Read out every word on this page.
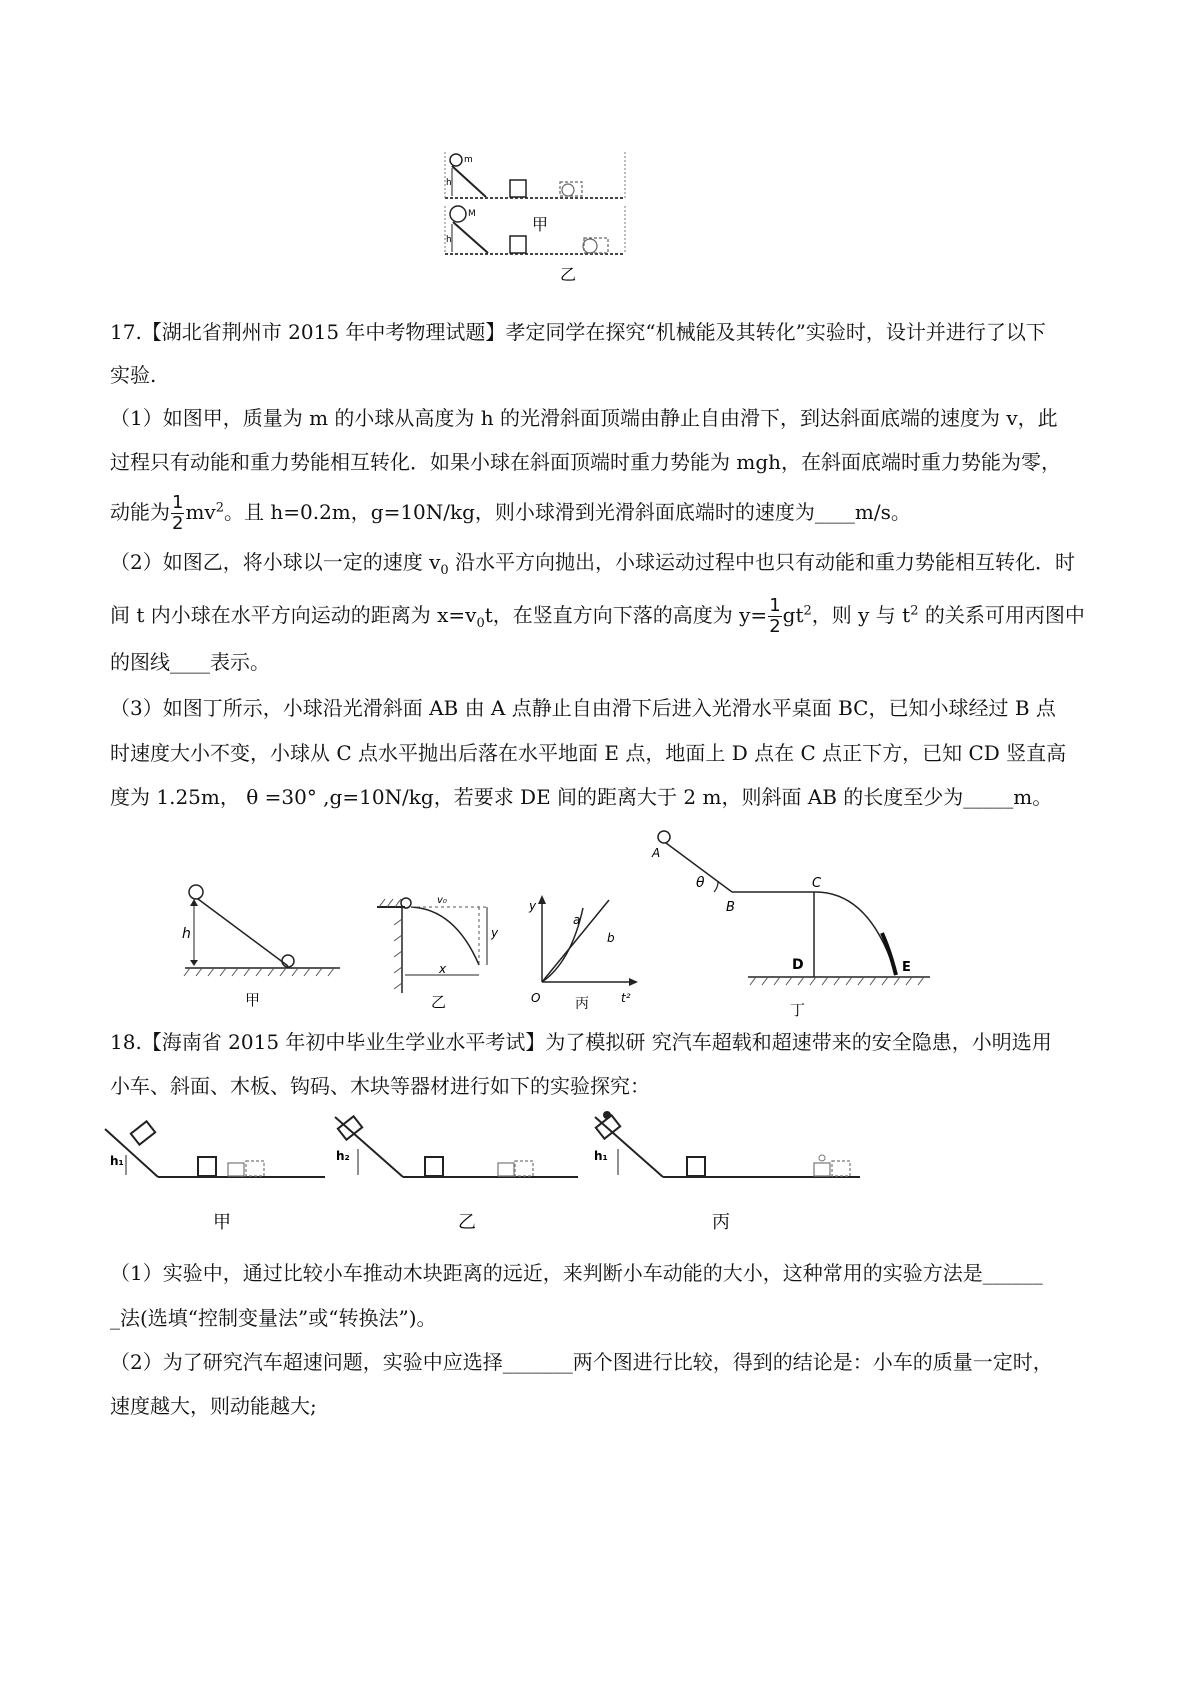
m
h
甲
M
h
乙
17.【湖北省荆州市 2015 年中考物理试题】孝定同学在探究“机械能及其转化”实验时，设计并进行了以下
实验.
（1）如图甲，质量为 m 的小球从高度为 h 的光滑斜面顶端由静止自由滑下，到达斜面底端的速度为 v，此
过程只有动能和重力势能相互转化．如果小球在斜面顶端时重力势能为 mgh，在斜面底端时重力势能为零，
动能为 $\frac{1}{2} mv^2$。且 h=0.2m，g=10N/kg，则小球滑到光滑斜面底端时的速度为____m/s。
（2）如图乙，将小球以一定的速度 $v_0$ 沿水平方向抛出，小球运动过程中也只有动能和重力势能相互转化．时
间 t 内小球在水平方向运动的距离为 $x=v_0t$，在竖直方向下落的高度为 $y= \frac{1}{2} gt^2$，则 y 与 $t^2$ 的关系可用丙图中
的图线____表示。
（3）如图丁所示，小球沿光滑斜面 AB 由 A 点静止自由滑下后进入光滑水平桌面 BC，已知小球经过 B 点
时速度大小不变，小球从 C 点水平抛出后落在水平地面 E 点，地面上 D 点在 C 点正下方，已知 CD 竖直高
度为 1.25m， θ =30° ,g=10N/kg，若要求 DE 间的距离大于 2 m，则斜面 AB 的长度至少为_____m。
h
甲
v₀
y
x
乙
y
a
b
O	t²
丙
A
θ
B
C
D	E
丁
18.【海南省 2015 年初中毕业生学业水平考试】为了模拟研 究汽车超载和超速带来的安全隐患，小明选用
小车、斜面、木板、钩码、木块等器材进行如下的实验探究：
h₁	h₂	h₁
甲	乙	丙
（1）实验中，通过比较小车推动木块距离的远近，来判断小车动能的大小，这种常用的实验方法是______
_法(选填“控制变量法”或“转换法”)。
（2）为了研究汽车超速问题，实验中应选择_______两个图进行比较，得到的结论是：小车的质量一定时，
速度越大，则动能越大;
